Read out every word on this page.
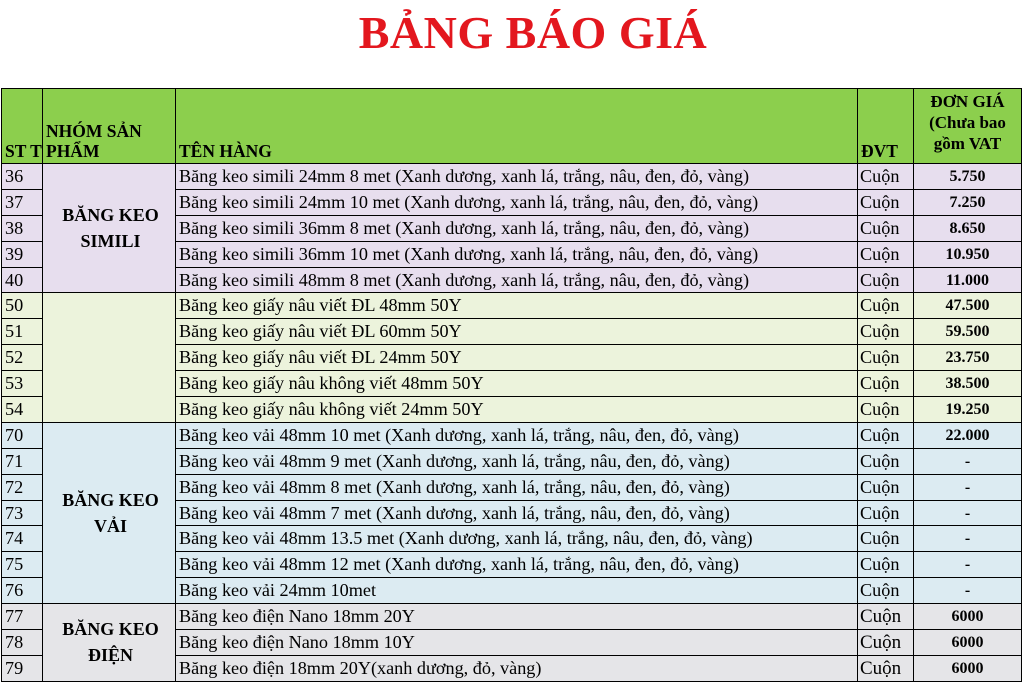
BẢNG BÁO GIÁ
ST T	NHÓM SẢN PHẨM	TÊN HÀNG	ĐVT	ĐƠN GIÁ (Chưa bao gồm VAT
36	BĂNG KEO SIMILI	Băng keo simili 24mm 8 met (Xanh dương, xanh lá, trắng, nâu, đen, đỏ, vàng)	Cuộn	5.750
37		Băng keo simili 24mm 10 met (Xanh dương, xanh lá, trắng, nâu, đen, đỏ, vàng)	Cuộn	7.250
38		Băng keo simili 36mm 8 met (Xanh dương, xanh lá, trắng, nâu, đen, đỏ, vàng)	Cuộn	8.650
39		Băng keo simili 36mm 10 met (Xanh dương, xanh lá, trắng, nâu, đen, đỏ, vàng)	Cuộn	10.950
40		Băng keo simili 48mm 8 met (Xanh dương, xanh lá, trắng, nâu, đen, đỏ, vàng)	Cuộn	11.000
50		Băng keo giấy nâu viết ĐL 48mm 50Y	Cuộn	47.500
51		Băng keo giấy nâu viết ĐL 60mm 50Y	Cuộn	59.500
52		Băng keo giấy nâu viết ĐL 24mm 50Y	Cuộn	23.750
53		Băng keo giấy nâu không viết 48mm 50Y	Cuộn	38.500
54		Băng keo giấy nâu không viết 24mm 50Y	Cuộn	19.250
70	BĂNG KEO VẢI	Băng keo vải 48mm 10 met (Xanh dương, xanh lá, trắng, nâu, đen, đỏ, vàng)	Cuộn	22.000
71		Băng keo vải 48mm 9 met (Xanh dương, xanh lá, trắng, nâu, đen, đỏ, vàng)	Cuộn	-
72		Băng keo vải 48mm 8 met (Xanh dương, xanh lá, trắng, nâu, đen, đỏ, vàng)	Cuộn	-
73		Băng keo vải 48mm 7 met (Xanh dương, xanh lá, trắng, nâu, đen, đỏ, vàng)	Cuộn	-
74		Băng keo vải 48mm 13.5 met (Xanh dương, xanh lá, trắng, nâu, đen, đỏ, vàng)	Cuộn	-
75		Băng keo vải 48mm 12 met (Xanh dương, xanh lá, trắng, nâu, đen, đỏ, vàng)	Cuộn	-
76		Băng keo vải 24mm 10met	Cuộn	-
77	BĂNG KEO ĐIỆN	Băng keo điện Nano 18mm 20Y	Cuộn	6000
78		Băng keo điện Nano 18mm 10Y	Cuộn	6000
79		Băng keo điện 18mm 20Y(xanh dương, đỏ, vàng)	Cuộn	6000
